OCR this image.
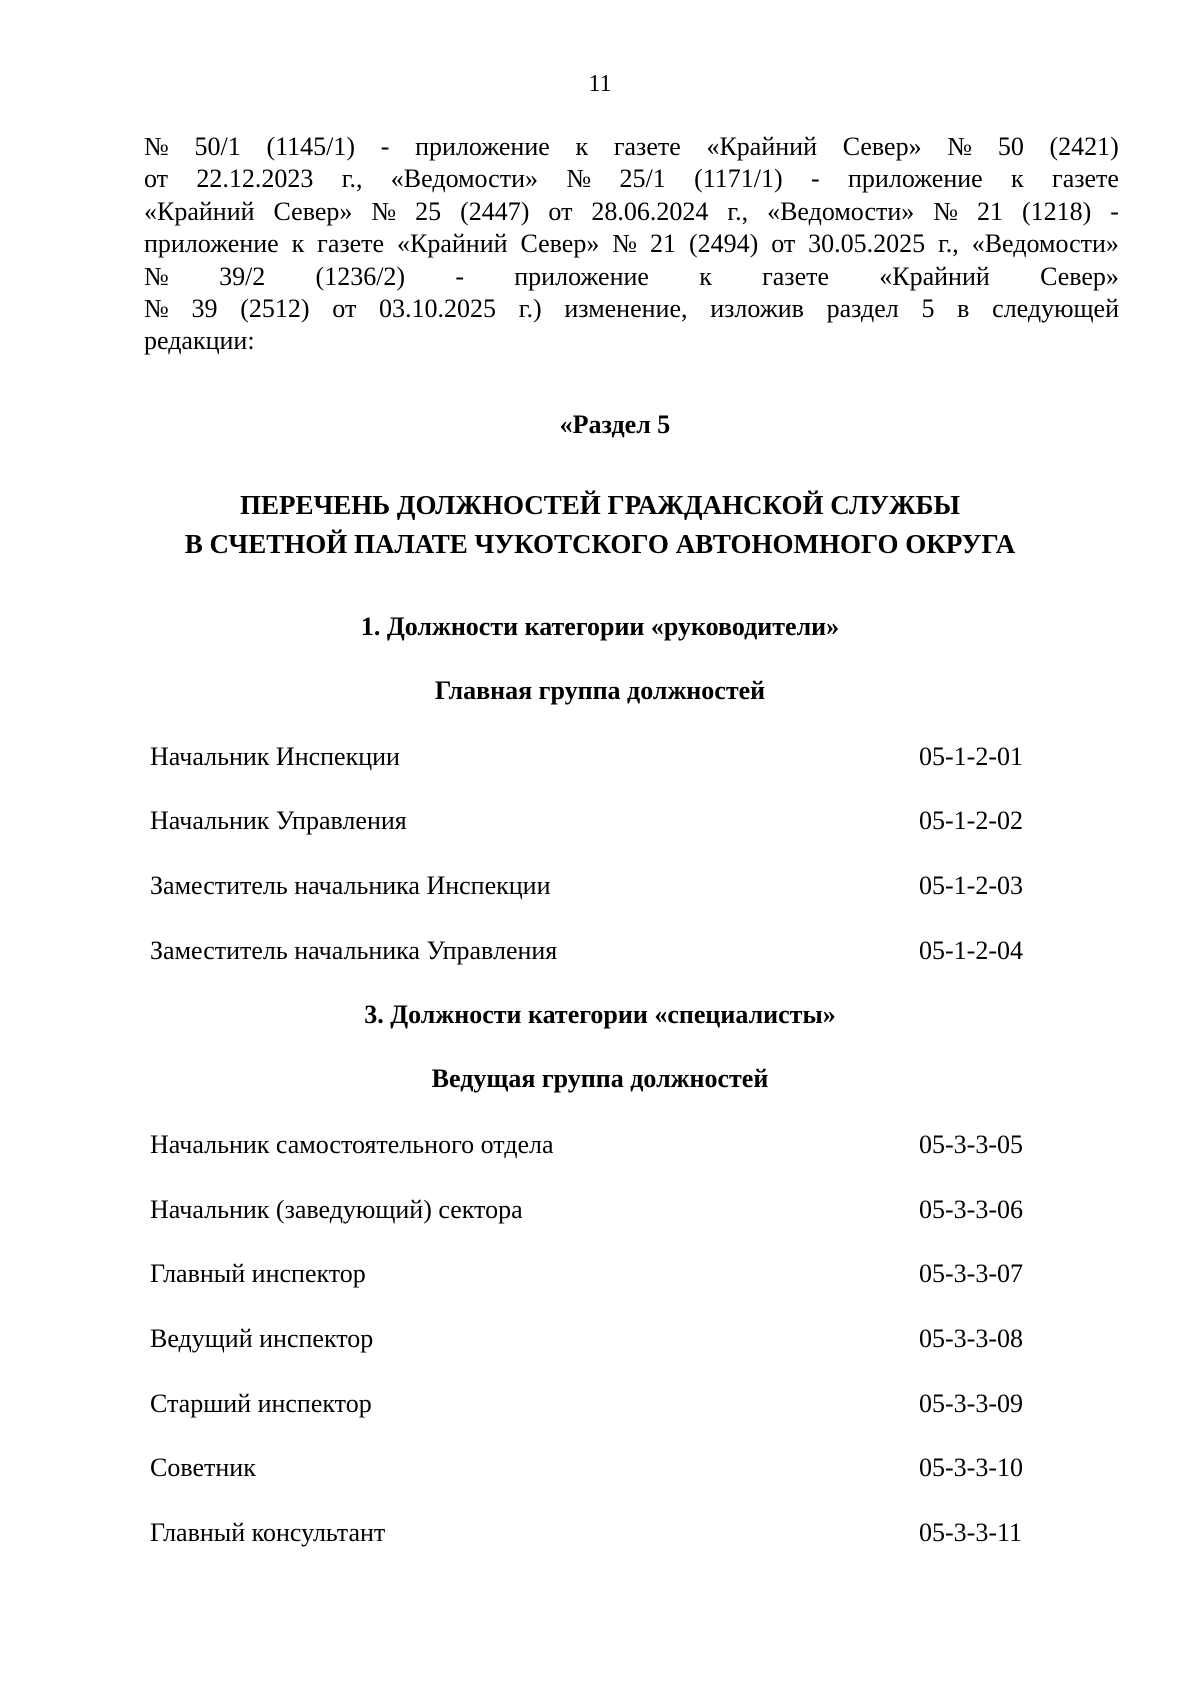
11
№ 50/1 (1145/1) - приложение к газете «Крайний Север» № 50 (2421)
от 22.12.2023 г., «Ведомости» № 25/1 (1171/1) - приложение к газете
«Крайний Север» № 25 (2447) от 28.06.2024 г., «Ведомости» № 21 (1218) -
приложение к газете «Крайний Север» № 21 (2494) от 30.05.2025 г., «Ведомости»
№ 39/2 (1236/2) - приложение к газете «Крайний Север»
№ 39 (2512) от 03.10.2025 г.) изменение, изложив раздел 5 в следующей
редакции:
«Раздел 5
ПЕРЕЧЕНЬ ДОЛЖНОСТЕЙ ГРАЖДАНСКОЙ СЛУЖБЫ
В СЧЕТНОЙ ПАЛАТЕ ЧУКОТСКОГО АВТОНОМНОГО ОКРУГА
1. Должности категории «руководители»
Главная группа должностей
Начальник Инспекции	05-1-2-01
Начальник Управления	05-1-2-02
Заместитель начальника Инспекции	05-1-2-03
Заместитель начальника Управления	05-1-2-04
3. Должности категории «специалисты»
Ведущая группа должностей
Начальник самостоятельного отдела	05-3-3-05
Начальник (заведующий) сектора	05-3-3-06
Главный инспектор	05-3-3-07
Ведущий инспектор	05-3-3-08
Старший инспектор	05-3-3-09
Советник	05-3-3-10
Главный консультант	05-3-3-11
